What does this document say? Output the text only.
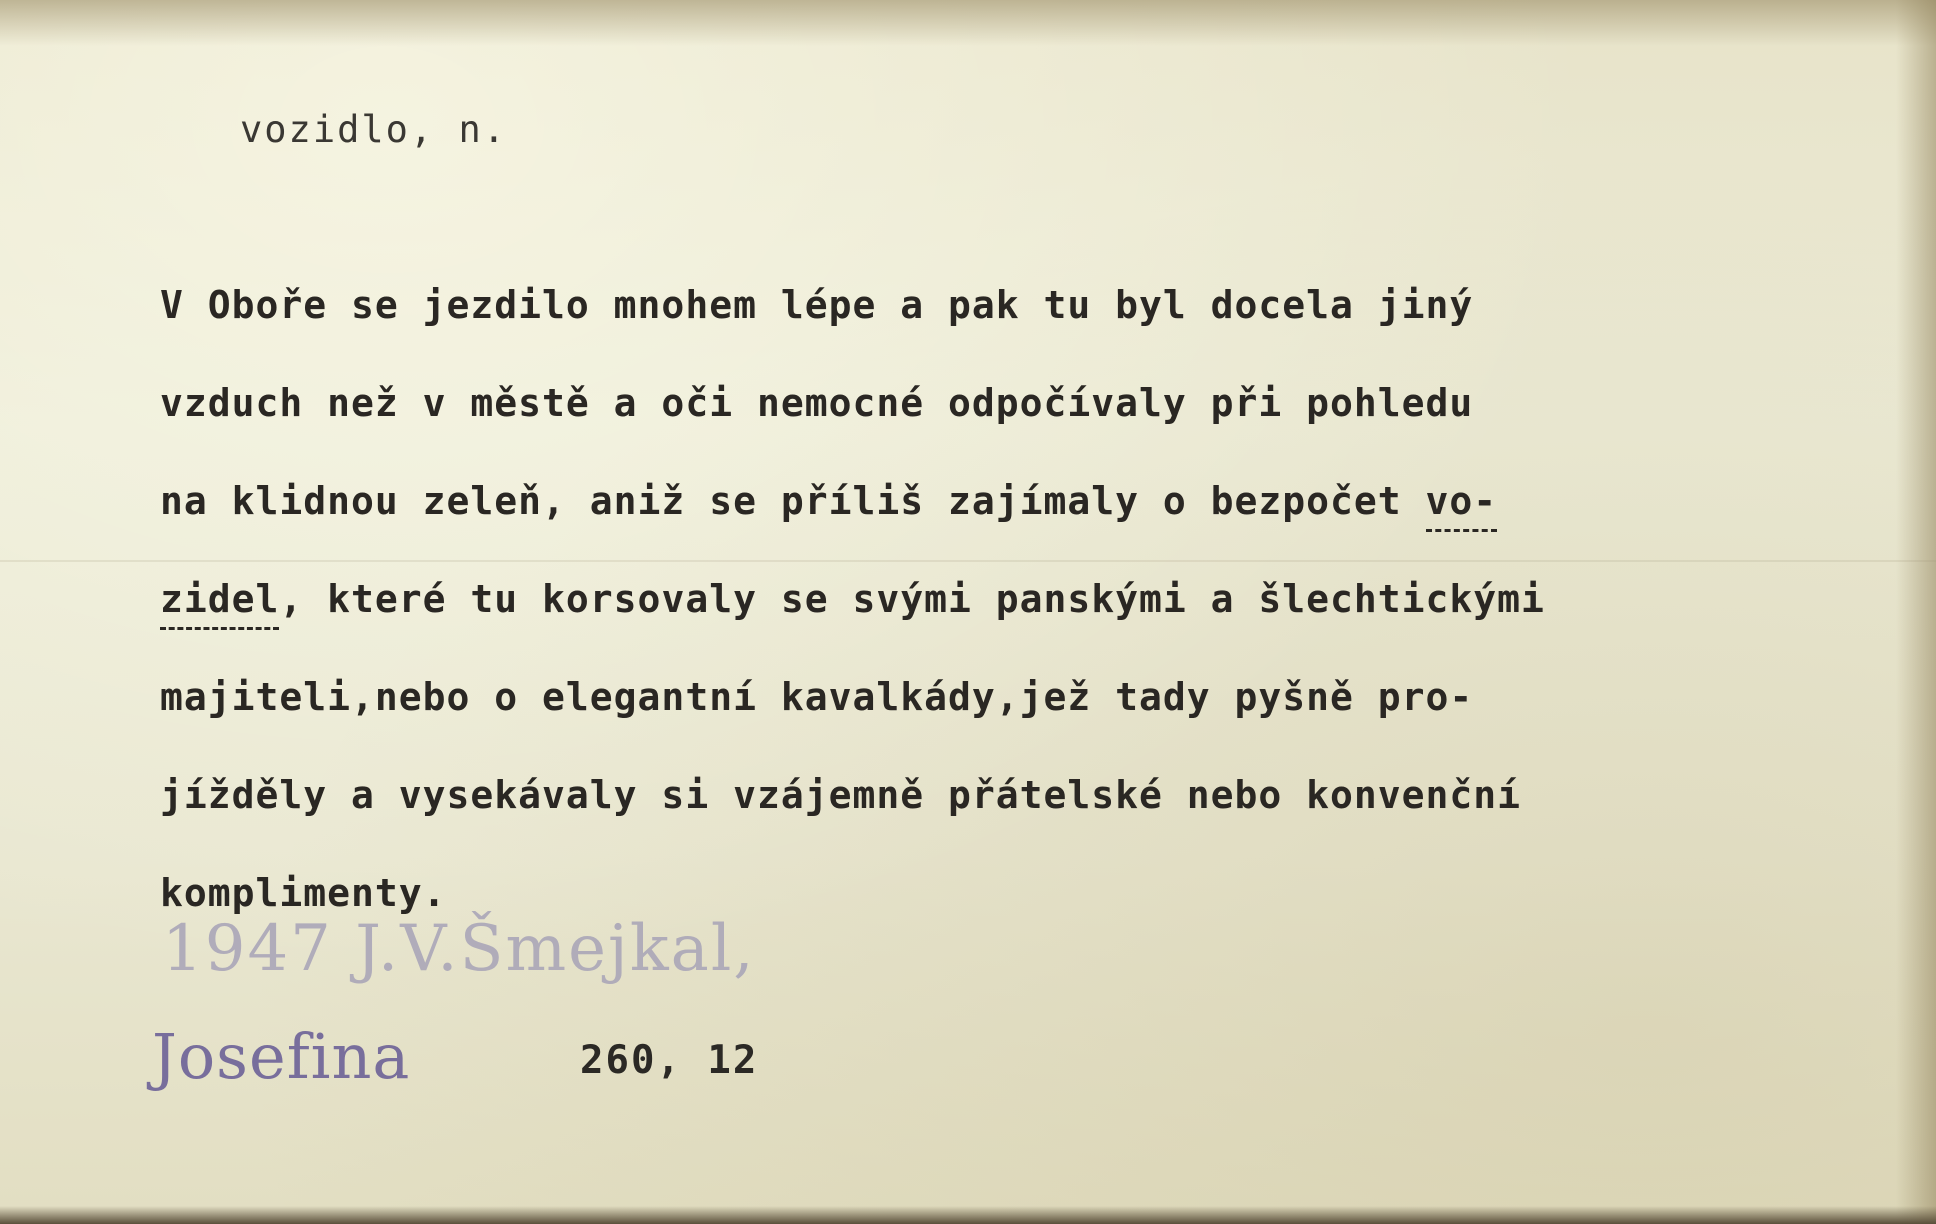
vozidlo, n.

V Oboře se jezdilo mnohem lépe a pak tu byl docela jiný

vzduch než v městě a oči nemocné odpočívaly při pohledu

na klidnou zeleň, aniž se příliš zajímaly o bezpočet vo-

zidel, které tu korsovaly se svými panskými a šlechtickými

majiteli,nebo o elegantní kavalkády,jež tady pyšně pro-

jížděly a vysekávaly si vzájemně přátelské nebo konvenční

komplimenty.

1947 J.V.Šmejkal,
Josefina	260, 12
